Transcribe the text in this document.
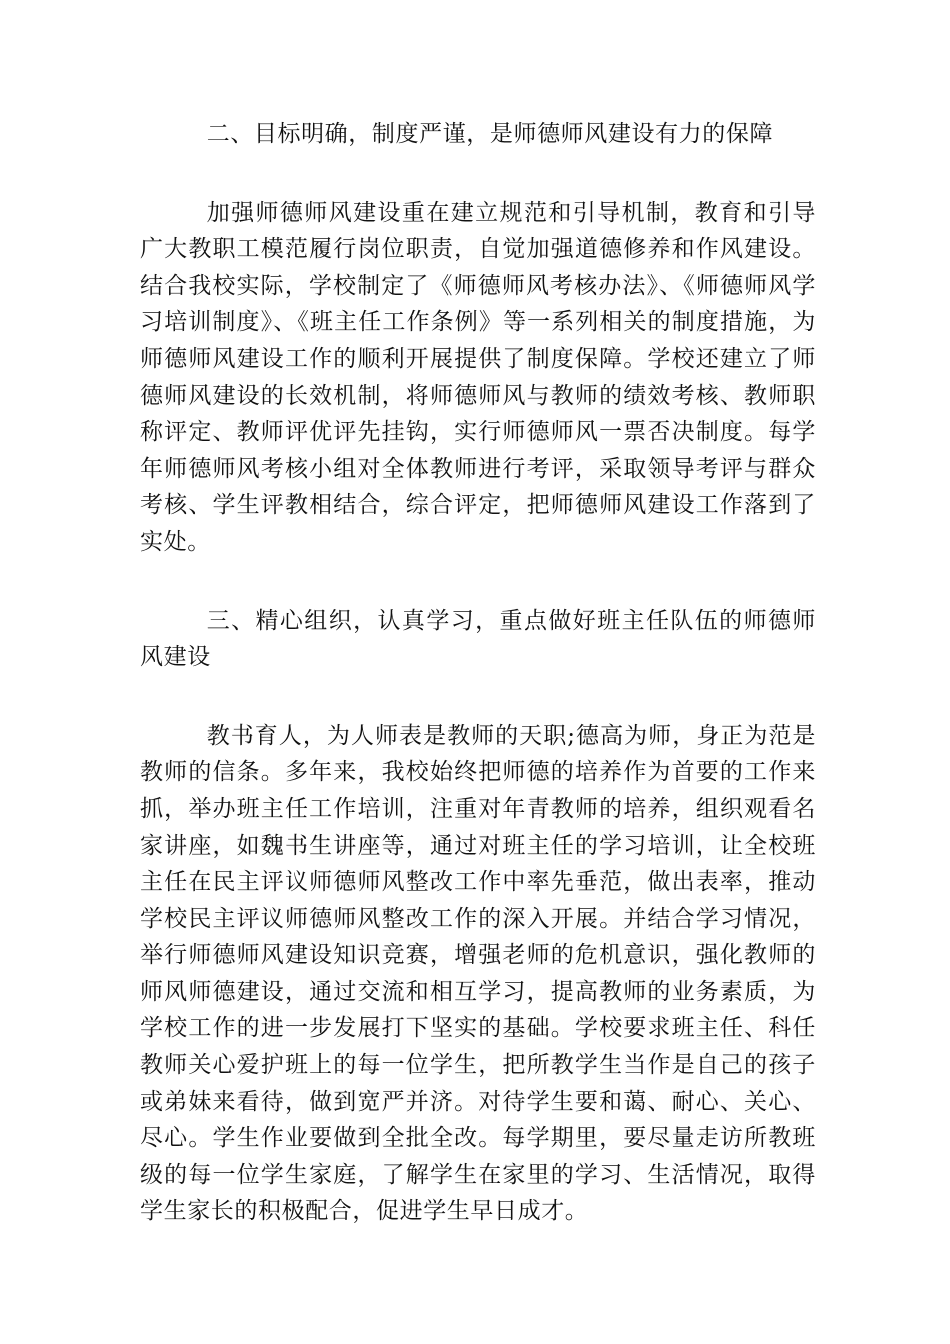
二、目标明确，制度严谨，是师德师风建设有力的保障

加强师德师风建设重在建立规范和引导机制，教育和引导广大教职工模范履行岗位职责，自觉加强道德修养和作风建设。结合我校实际，学校制定了《师德师风考核办法》、《师德师风学习培训制度》、《班主任工作条例》等一系列相关的制度措施，为师德师风建设工作的顺利开展提供了制度保障。学校还建立了师德师风建设的长效机制，将师德师风与教师的绩效考核、教师职称评定、教师评优评先挂钩，实行师德师风一票否决制度。每学年师德师风考核小组对全体教师进行考评，采取领导考评与群众考核、学生评教相结合，综合评定，把师德师风建设工作落到了实处。

三、精心组织，认真学习，重点做好班主任队伍的师德师风建设

教书育人，为人师表是教师的天职;德高为师，身正为范是教师的信条。多年来，我校始终把师德的培养作为首要的工作来抓，举办班主任工作培训，注重对年青教师的培养，组织观看名家讲座，如魏书生讲座等，通过对班主任的学习培训，让全校班主任在民主评议师德师风整改工作中率先垂范，做出表率，推动学校民主评议师德师风整改工作的深入开展。并结合学习情况，举行师德师风建设知识竞赛，增强老师的危机意识，强化教师的师风师德建设，通过交流和相互学习，提高教师的业务素质，为学校工作的进一步发展打下坚实的基础。学校要求班主任、科任教师关心爱护班上的每一位学生，把所教学生当作是自己的孩子或弟妹来看待，做到宽严并济。对待学生要和蔼、耐心、关心、尽心。学生作业要做到全批全改。每学期里，要尽量走访所教班级的每一位学生家庭，了解学生在家里的学习、生活情况，取得学生家长的积极配合，促进学生早日成才。
